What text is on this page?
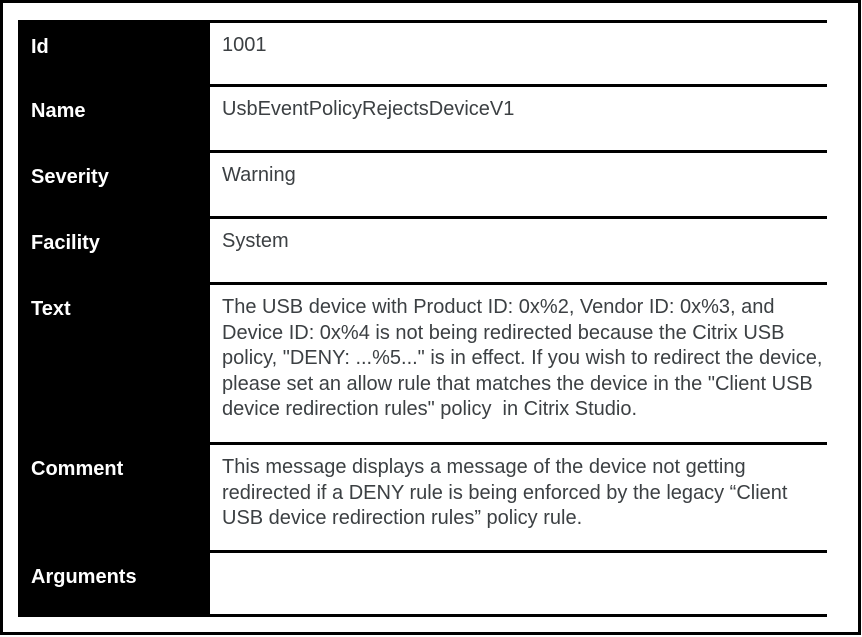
Id	1001
Name	UsbEventPolicyRejectsDeviceV1
Severity	Warning
Facility	System
Text	The USB device with Product ID: 0x%2, Vendor ID: 0x%3, and Device ID: 0x%4 is not being redirected because the Citrix USB policy, "DENY: ...%5..." is in effect. If you wish to redirect the device, please set an allow rule that matches the device in the "Client USB device redirection rules" policy  in Citrix Studio.
Comment	This message displays a message of the device not getting redirected if a DENY rule is being enforced by the legacy “Client USB device redirection rules” policy rule.
Arguments
